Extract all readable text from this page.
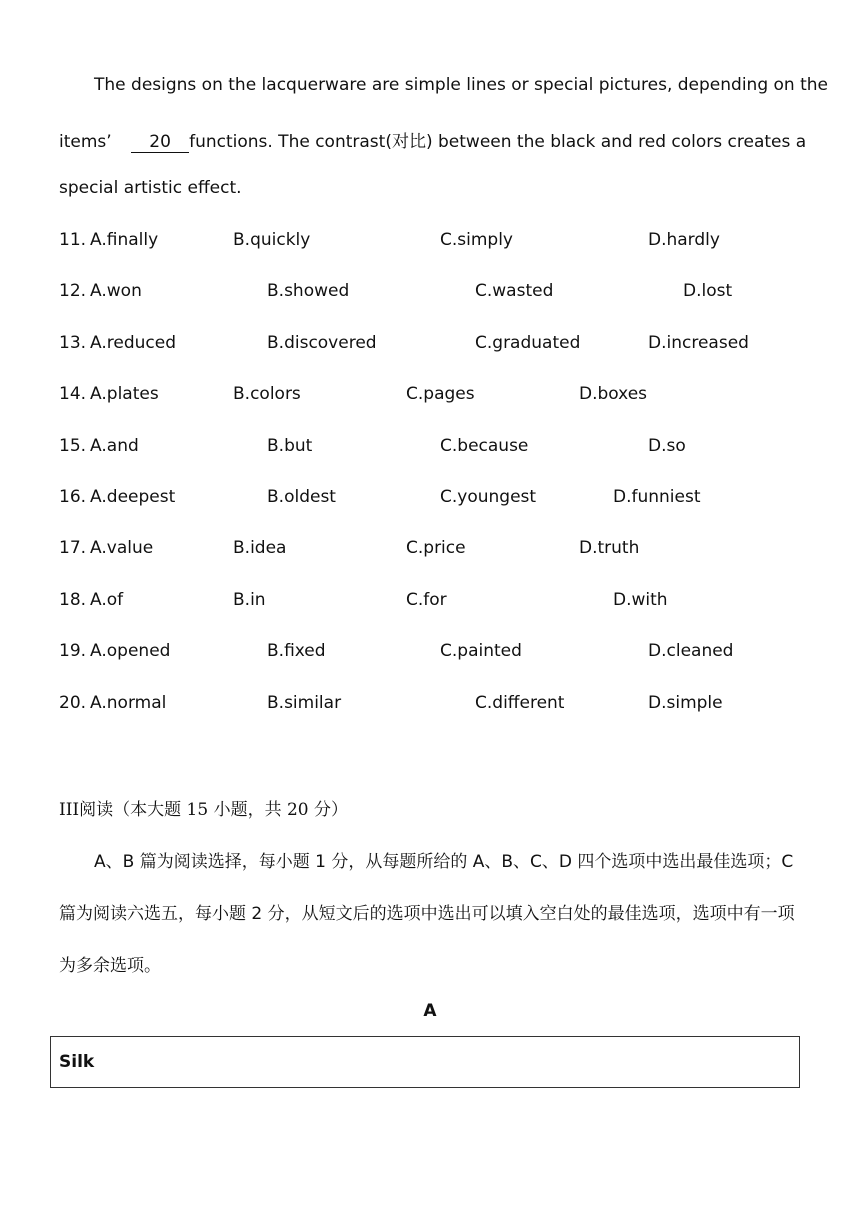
The designs on the lacquerware are simple lines or special pictures, depending on the
items’ 20 functions. The contrast(对比) between the black and red colors creates a
special artistic effect.
11. A.finally	B.quickly	C.simply	D.hardly
12. A.won	B.showed	C.wasted	D.lost
13. A.reduced	B.discovered	C.graduated	D.increased
14. A.plates	B.colors	C.pages	D.boxes
15. A.and	B.but	C.because	D.so
16. A.deepest	B.oldest	C.youngest	D.funniest
17. A.value	B.idea	C.price	D.truth
18. A.of	B.in	C.for	D.with
19. A.opened	B.fixed	C.painted	D.cleaned
20. A.normal	B.similar	C.different	D.simple
III阅读（本大题 15 小题，共 20 分）
A、B 篇为阅读选择，每小题 1 分，从每题所给的 A、B、C、D 四个选项中选出最佳选项；C
篇为阅读六选五，每小题 2 分，从短文后的选项中选出可以填入空白处的最佳选项，选项中有一项
为多余选项。
A
Silk
